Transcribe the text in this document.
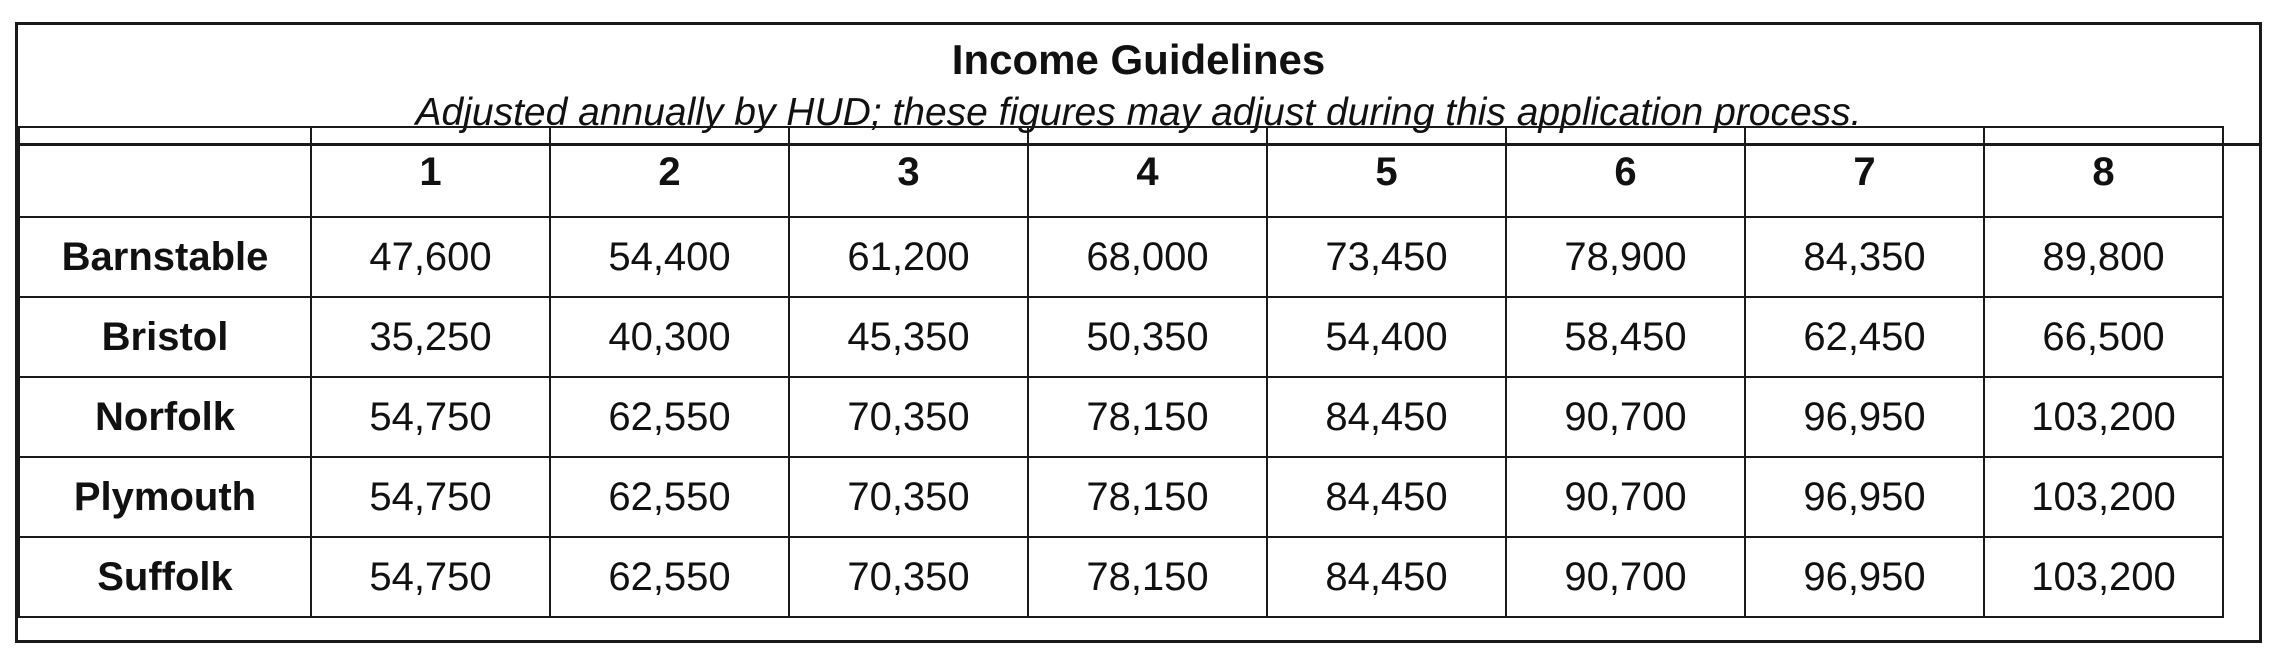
Income Guidelines
Adjusted annually by HUD; these figures may adjust during this application process.
	1	2	3	4	5	6	7	8
Barnstable	47,600	54,400	61,200	68,000	73,450	78,900	84,350	89,800
Bristol	35,250	40,300	45,350	50,350	54,400	58,450	62,450	66,500
Norfolk	54,750	62,550	70,350	78,150	84,450	90,700	96,950	103,200
Plymouth	54,750	62,550	70,350	78,150	84,450	90,700	96,950	103,200
Suffolk	54,750	62,550	70,350	78,150	84,450	90,700	96,950	103,200
